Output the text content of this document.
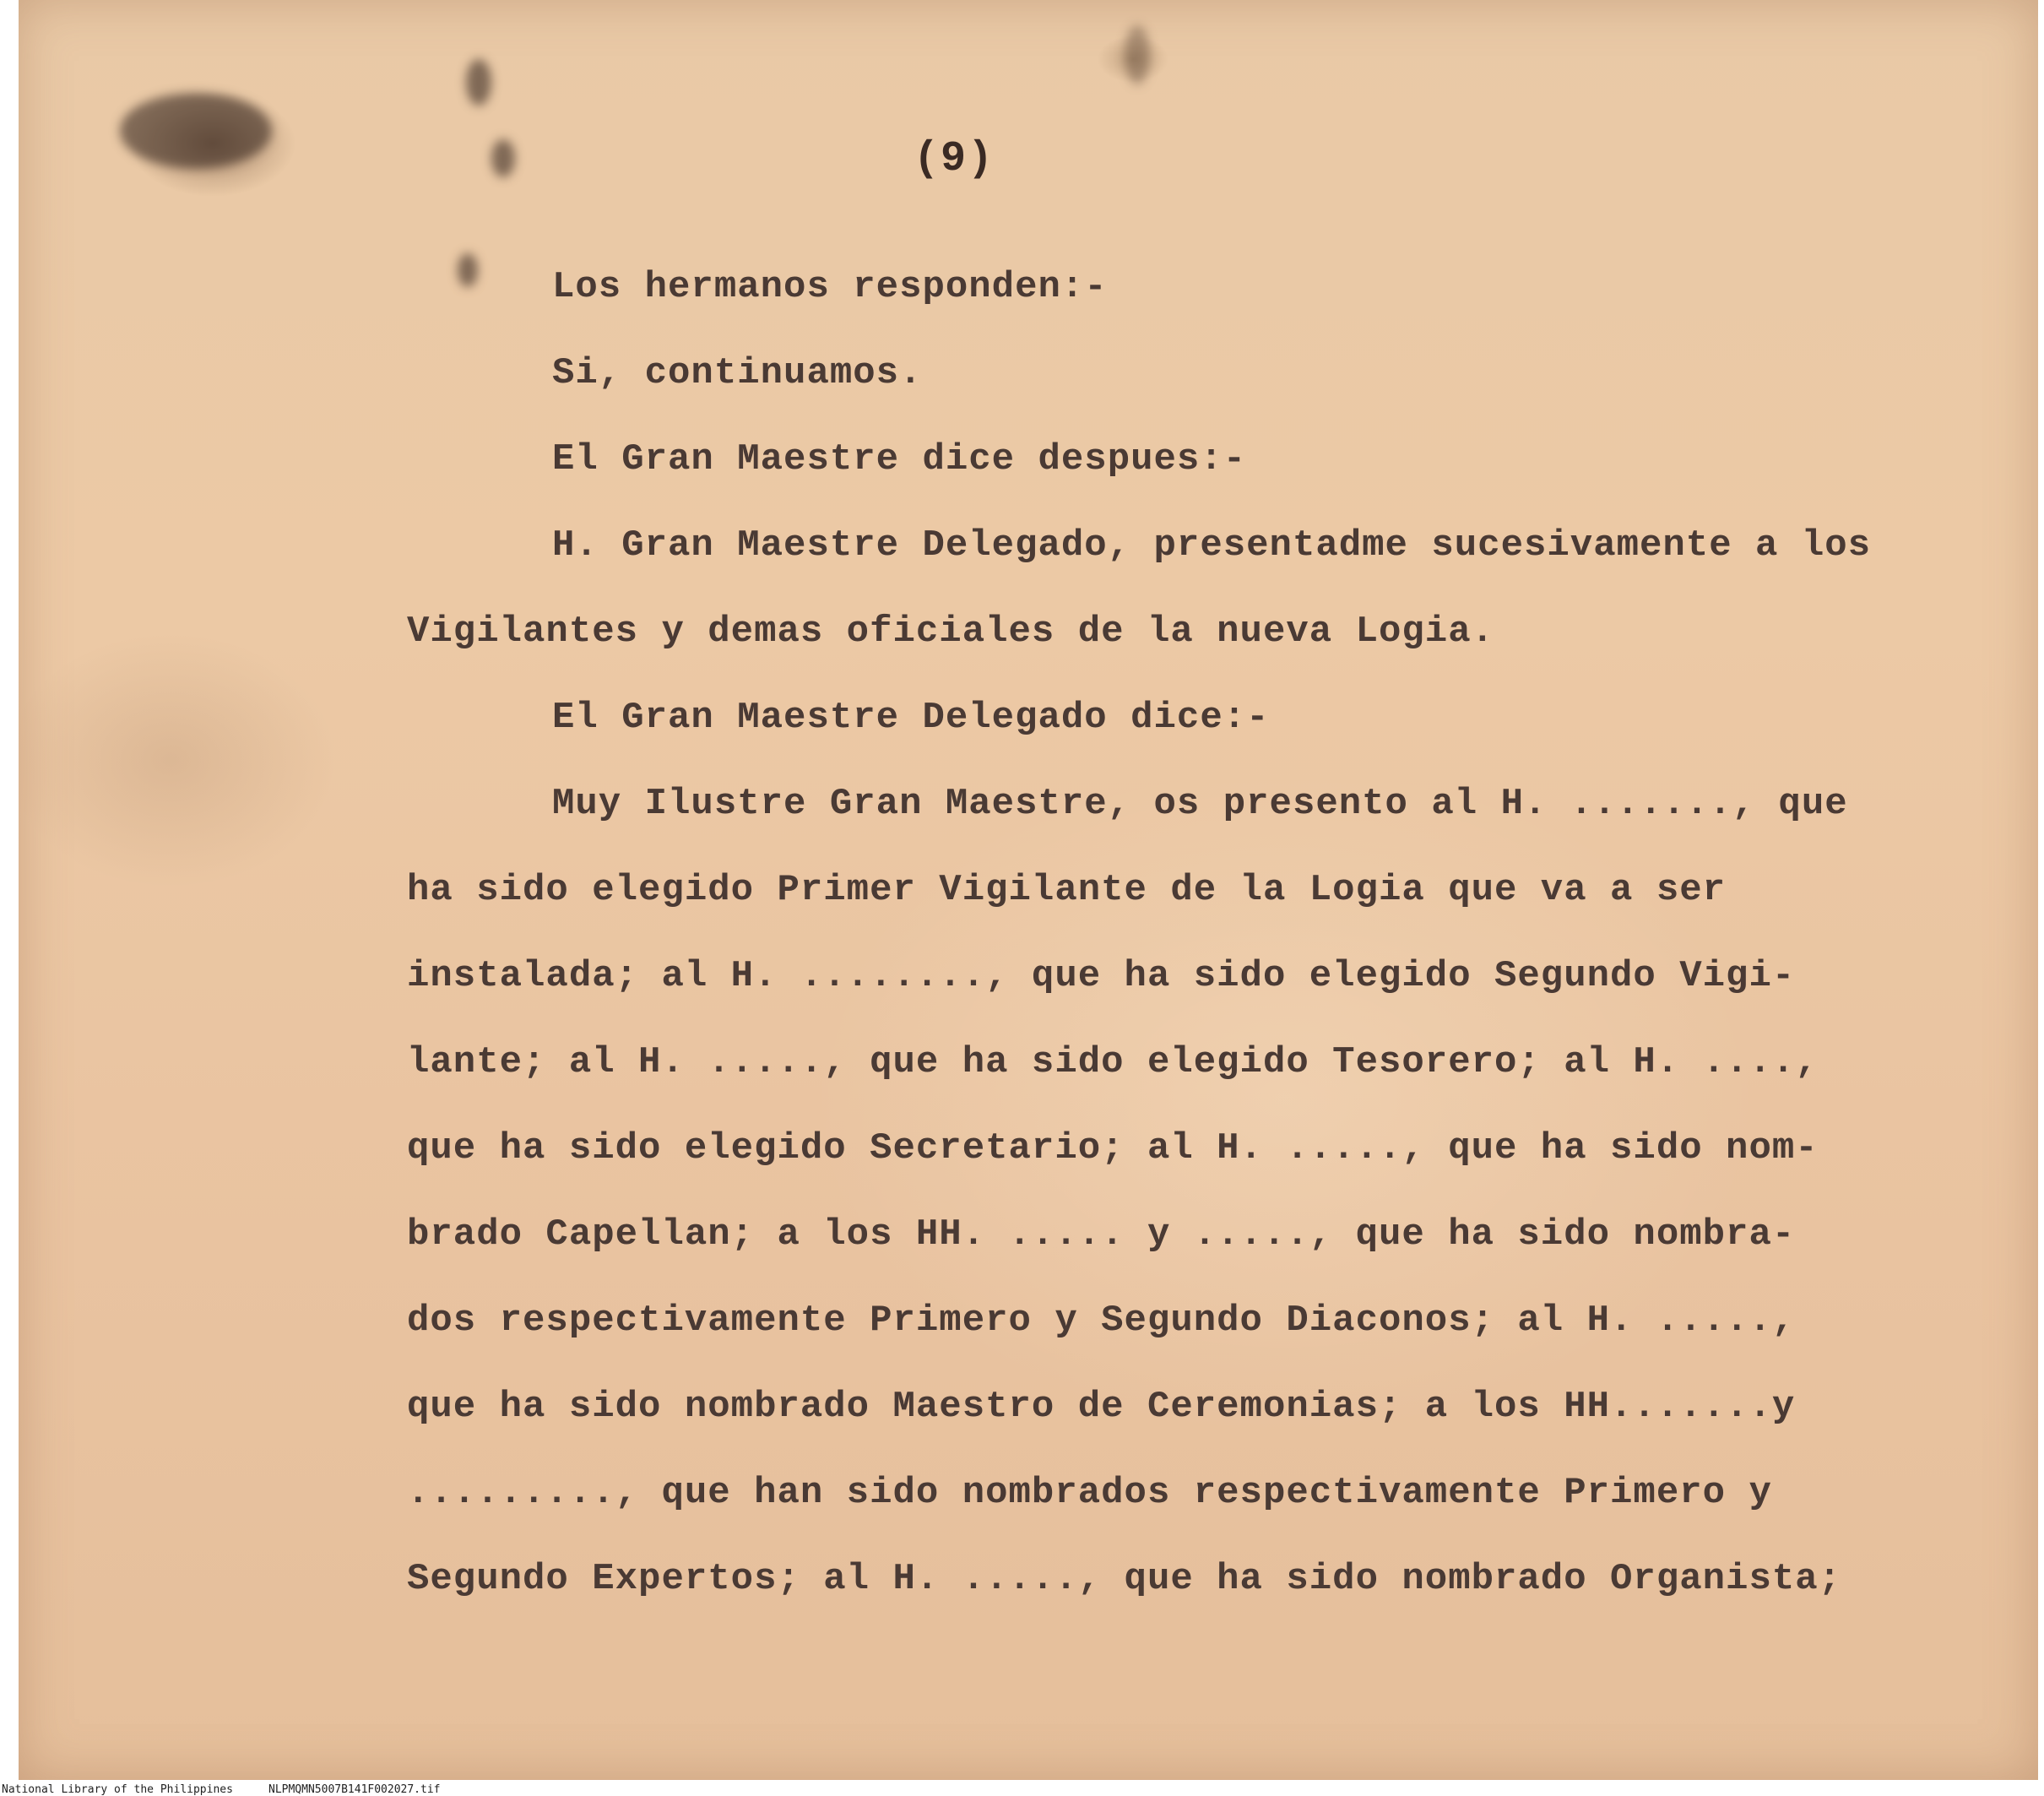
(9)
Los hermanos responden:-
Si, continuamos.
El Gran Maestre dice despues:-
H. Gran Maestre Delegado, presentadme sucesivamente a los
Vigilantes y demas oficiales de la nueva Logia.
El Gran Maestre Delegado dice:-
Muy Ilustre Gran Maestre, os presento al H. ......., que
ha sido elegido Primer Vigilante de la Logia que va a ser
instalada; al H. ........, que ha sido elegido Segundo Vigi-
lante; al H. ....., que ha sido elegido Tesorero; al H. ....,
que ha sido elegido Secretario; al H. ....., que ha sido nom-
brado Capellan; a los HH. ..... y ....., que ha sido nombra-
dos respectivamente Primero y Segundo Diaconos; al H. .....,
que ha sido nombrado Maestro de Ceremonias; a los HH.......y
........., que han sido nombrados respectivamente Primero y
Segundo Expertos; al H. ....., que ha sido nombrado Organista;
National Library of the Philippines	NLPMQMN5007B141F002027.tif
